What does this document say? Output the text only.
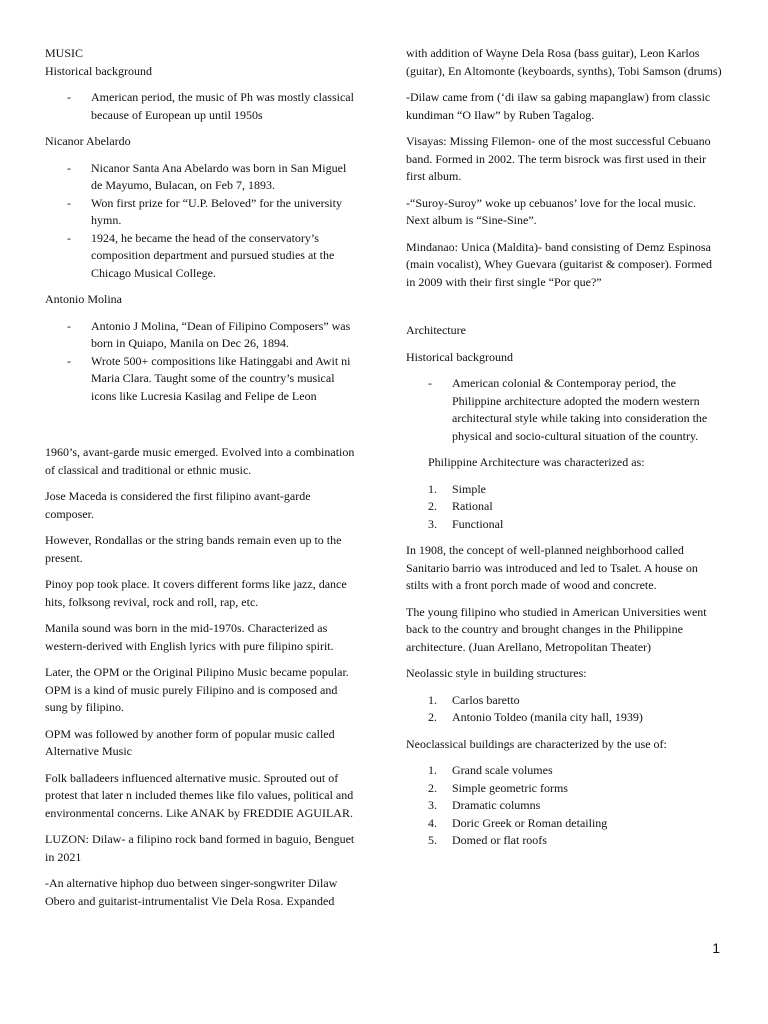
MUSIC

Historical background

- American period, the music of Ph was mostly classical because of European up until 1950s

Nicanor Abelardo

- Nicanor Santa Ana Abelardo was born in San Miguel de Mayumo, Bulacan, on Feb 7, 1893.
- Won first prize for “U.P. Beloved” for the university hymn.
- 1924, he became the head of the conservatory’s composition department and pursued studies at the Chicago Musical College.

Antonio Molina

- Antonio J Molina, “Dean of Filipino Composers” was born in Quiapo, Manila on Dec 26, 1894.
- Wrote 500+ compositions like Hatinggabi and Awit ni Maria Clara. Taught some of the country’s musical icons like Lucresia Kasilag and Felipe de Leon

1960’s, avant-garde music emerged. Evolved into a combination of classical and traditional or ethnic music.

Jose Maceda is considered the first filipino avant-garde composer.

However, Rondallas or the string bands remain even up to the present.

Pinoy pop took place. It covers different forms like jazz, dance hits, folksong revival, rock and roll, rap, etc.

Manila sound was born in the mid-1970s. Characterized as western-derived with English lyrics with pure filipino spirit.

Later, the OPM or the Original Pilipino Music became popular. OPM is a kind of music purely Filipino and is composed and sung by filipino.

OPM was followed by another form of popular music called Alternative Music

Folk balladeers influenced alternative music. Sprouted out of protest that later n included themes like filo values, political and environmental concerns. Like ANAK by FREDDIE AGUILAR.

LUZON: Dilaw- a filipino rock band formed in baguio, Benguet in 2021

-An alternative hiphop duo between singer-songwriter Dilaw Obero and guitarist-intrumentalist Vie Dela Rosa. Expanded

with addition of Wayne Dela Rosa (bass guitar), Leon Karlos (guitar), En Altomonte (keyboards, synths), Tobi Samson (drums)

-Dilaw came from (‘di ilaw sa gabing mapanglaw) from classic kundiman “O Ilaw” by Ruben Tagalog.

Visayas: Missing Filemon- one of the most successful Cebuano band. Formed in 2002. The term bisrock was first used in their first album.

-“Suroy-Suroy” woke up cebuanos’ love for the local music. Next album is “Sine-Sine”.

Mindanao: Unica (Maldita)- band consisting of Demz Espinosa (main vocalist), Whey Guevara (guitarist & composer). Formed in 2009 with their first single “Por que?”

Architecture

Historical background

- American colonial & Contemporay period, the Philippine architecture adopted the modern western architectural style while taking into consideration the physical and socio-cultural situation of the country.

Philippine Architecture was characterized as:

1. Simple
2. Rational
3. Functional

In 1908, the concept of well-planned neighborhood called Sanitario barrio was introduced and led to Tsalet. A house on stilts with a front porch made of wood and concrete.

The young filipino who studied in American Universities went back to the country and brought changes in the Philippine architecture. (Juan Arellano, Metropolitan Theater)

Neolassic style in building structures:

1. Carlos baretto
2. Antonio Toldeo (manila city hall, 1939)

Neoclassical buildings are characterized by the use of:

1. Grand scale volumes
2. Simple geometric forms
3. Dramatic columns
4. Doric Greek or Roman detailing
5. Domed or flat roofs
1
